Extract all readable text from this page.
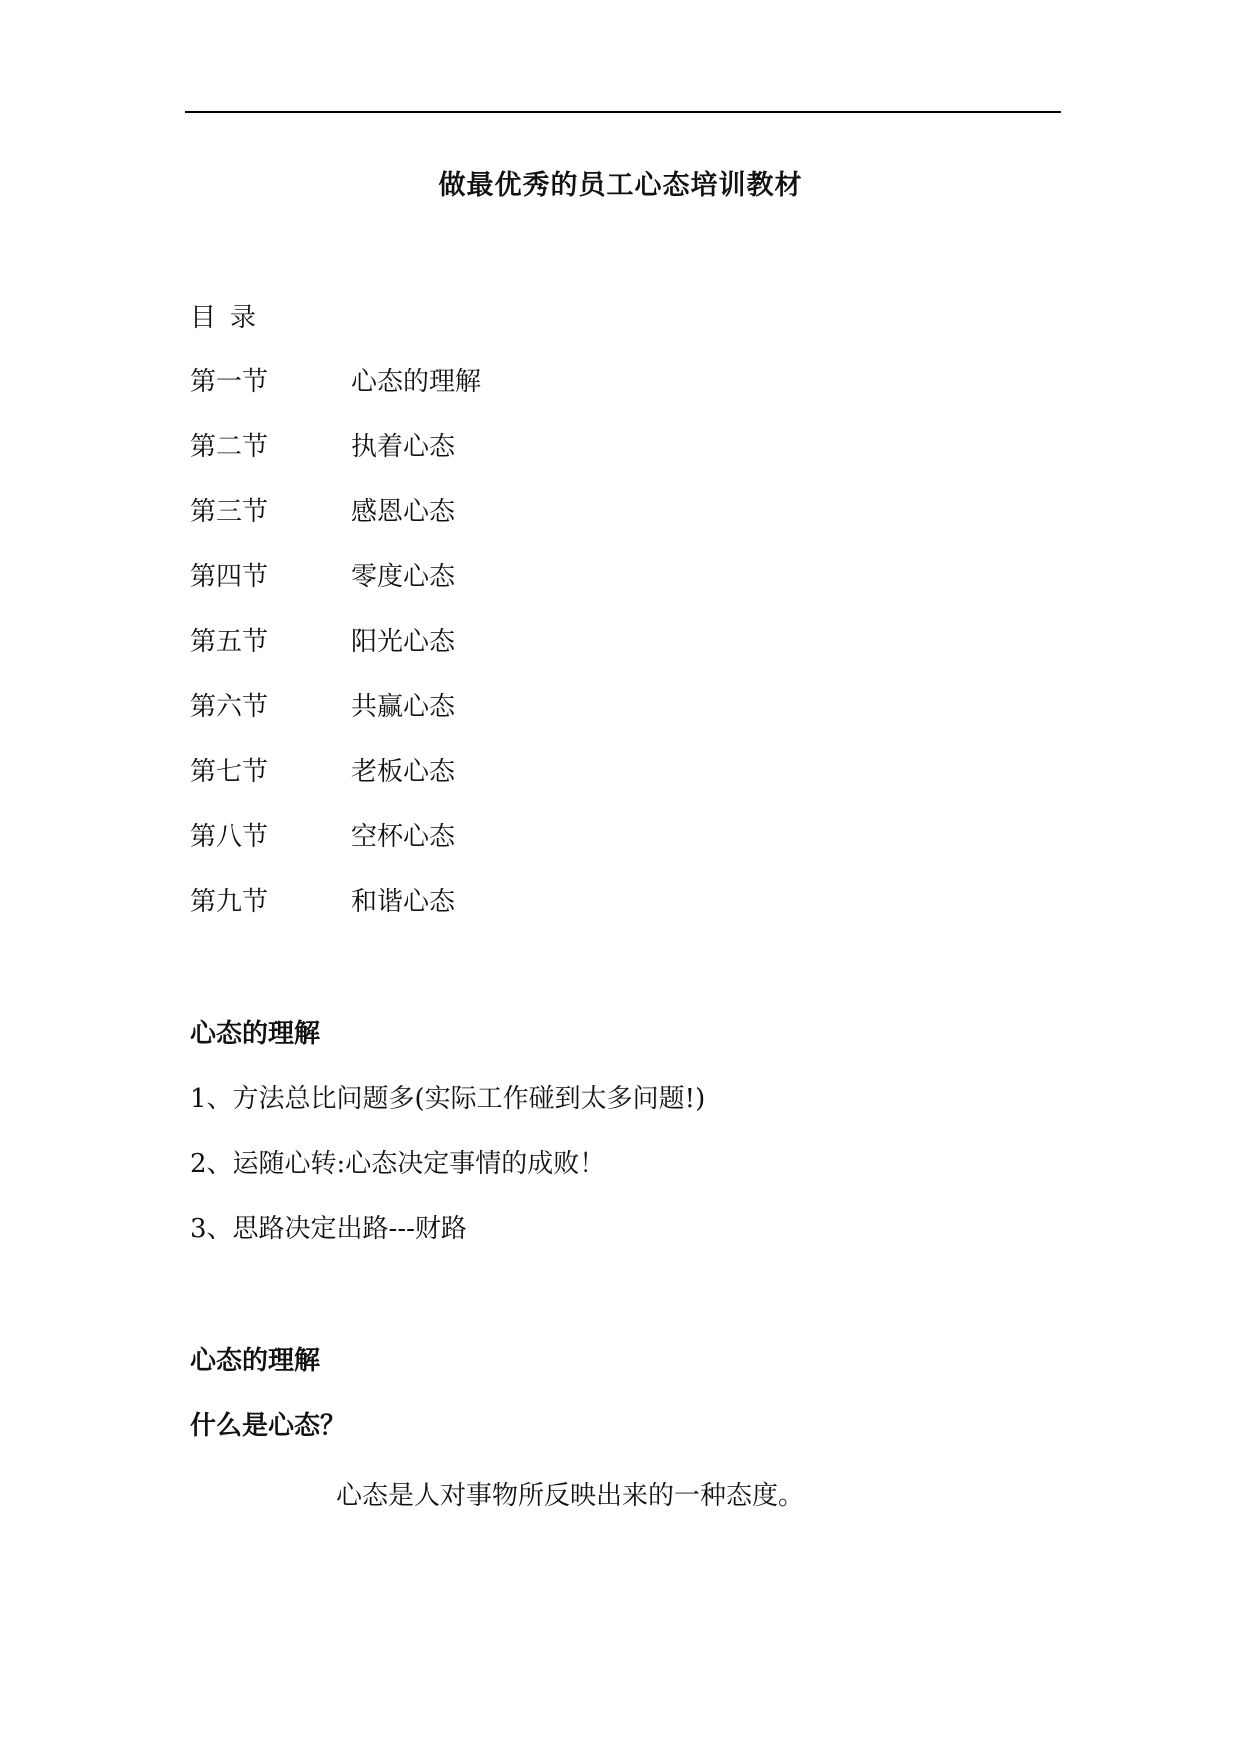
做最优秀的员工心态培训教材
目录
第一节	心态的理解
第二节	执着心态
第三节	感恩心态
第四节	零度心态
第五节	阳光心态
第六节	共赢心态
第七节	老板心态
第八节	空杯心态
第九节	和谐心态
心态的理解
1、方法总比问题多(实际工作碰到太多问题!)
2、运随心转:心态决定事情的成败！
3、思路决定出路---财路
心态的理解
什么是心态？
心态是人对事物所反映出来的一种态度。
